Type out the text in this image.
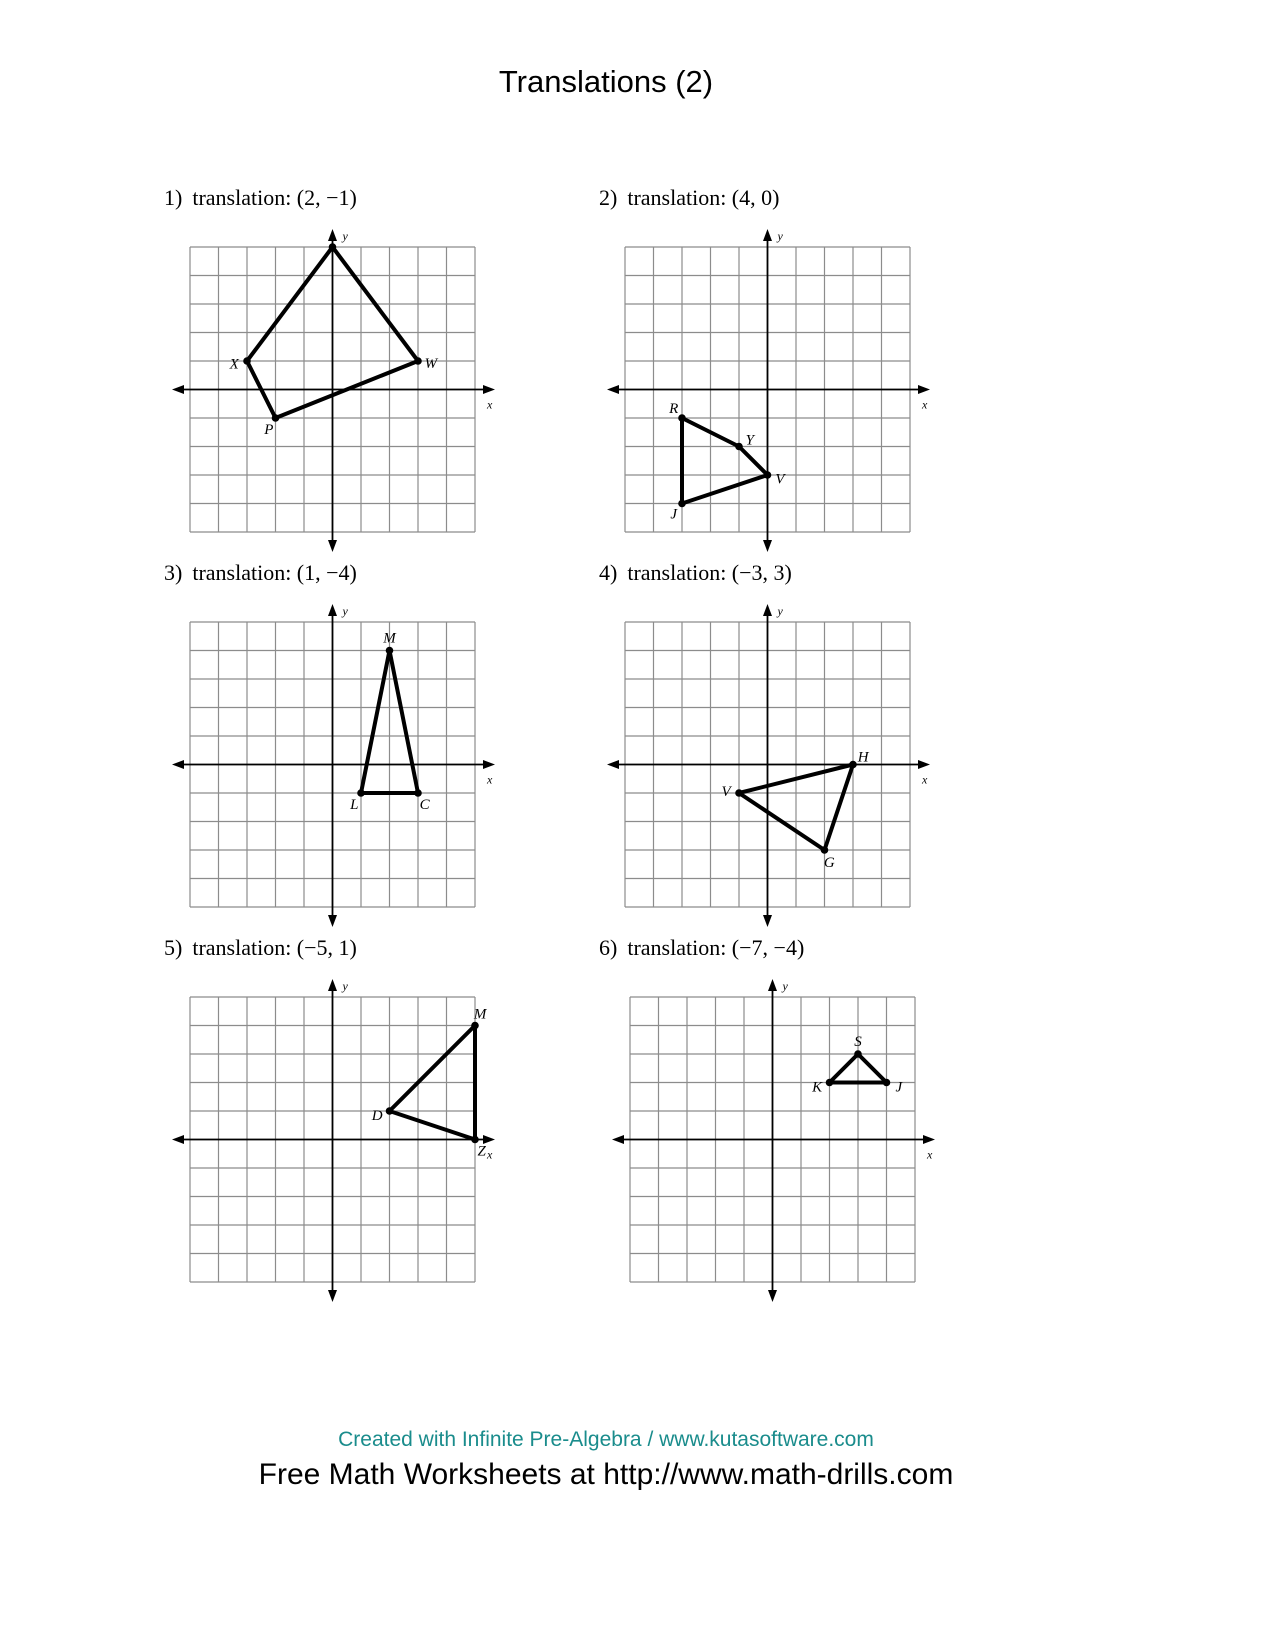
Translations (2)
1) translation: (2, −1)
x
y
W
P
X
2) translation: (4, 0)
x
y
R
Y
V
J
3) translation: (1, −4)
x
y
M
C
L
4) translation: (−3, 3)
x
y
H
G
V
5) translation: (−5, 1)
x
y
M
Z
D
6) translation: (−7, −4)
x
y
S
J
K
Created with Infinite Pre-Algebra / www.kutasoftware.com
Free Math Worksheets at http://www.math-drills.com
